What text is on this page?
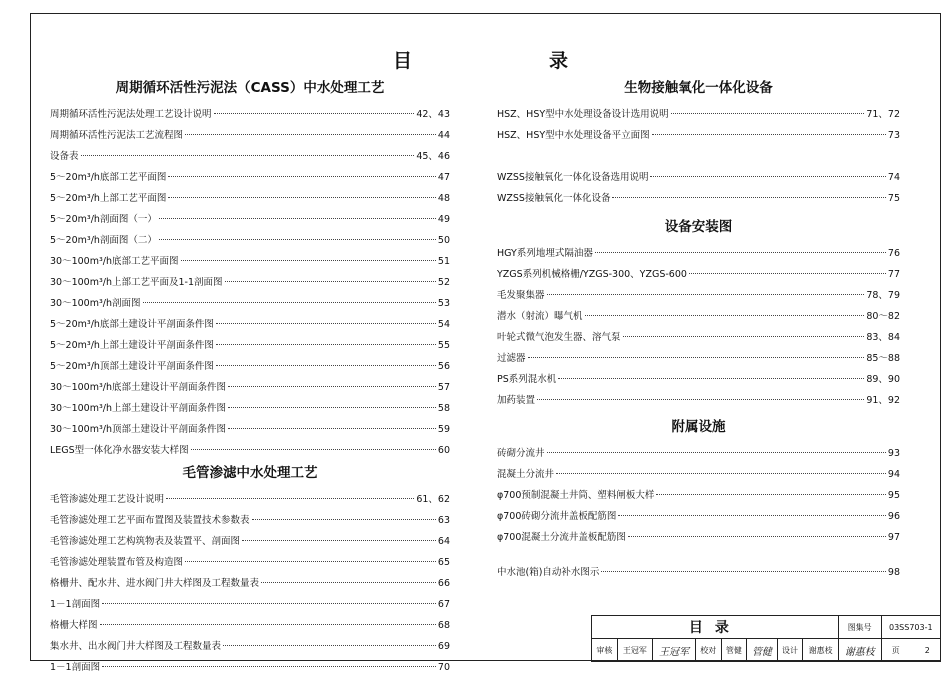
目	录
周期循环活性污泥法（CASS）中水处理工艺
周期循环活性污泥法处理工艺设计说明	42、43
周期循环活性污泥法工艺流程图	44
设备表	45、46
5～20m³/h底部工艺平面图	47
5～20m³/h上部工艺平面图	48
5～20m³/h剖面图（一）	49
5～20m³/h剖面图（二）	50
30～100m³/h底部工艺平面图	51
30～100m³/h上部工艺平面及1-1剖面图	52
30～100m³/h剖面图	53
5～20m³/h底部土建设计平剖面条件图	54
5～20m³/h上部土建设计平剖面条件图	55
5～20m³/h顶部土建设计平剖面条件图	56
30～100m³/h底部土建设计平剖面条件图	57
30～100m³/h上部土建设计平剖面条件图	58
30～100m³/h顶部土建设计平剖面条件图	59
LEGS型一体化净水器安装大样图	60
毛管渗滤中水处理工艺
毛管渗滤处理工艺设计说明	61、62
毛管渗滤处理工艺平面布置图及装置技术参数表	63
毛管渗滤处理工艺构筑物表及装置平、剖面图	64
毛管渗滤处理装置布管及构造图	65
格栅井、配水井、进水阀门井大样图及工程数量表	66
1－1剖面图	67
格栅大样图	68
集水井、出水阀门井大样图及工程数量表	69
1－1剖面图	70
生物接触氧化一体化设备
HSZ、HSY型中水处理设备设计选用说明	71、72
HSZ、HSY型中水处理设备平立面图	73
WZSS接触氧化一体化设备选用说明	74
WZSS接触氧化一体化设备	75
设备安装图
HGY系列地埋式隔油器	76
YZGS系列机械格栅/YZGS-300、YZGS-600	77
毛发聚集器	78、79
潜水（射流）曝气机	80～82
叶轮式微气泡发生器、溶气泵	83、84
过滤器	85～88
PS系列混水机	89、90
加药装置	91、92
附属设施
砖砌分流井	93
混凝土分流井	94
φ700预制混凝土井筒、塑料闸板大样	95
φ700砖砌分流井盖板配筋图	96
φ700混凝土分流井盖板配筋图	97
中水池(箱)自动补水图示	98
目录								图集号	03SS703-1
审核	王冠军	王冠军	校对	管健	管健	设计	谢惠枝	谢惠枝	页 2
